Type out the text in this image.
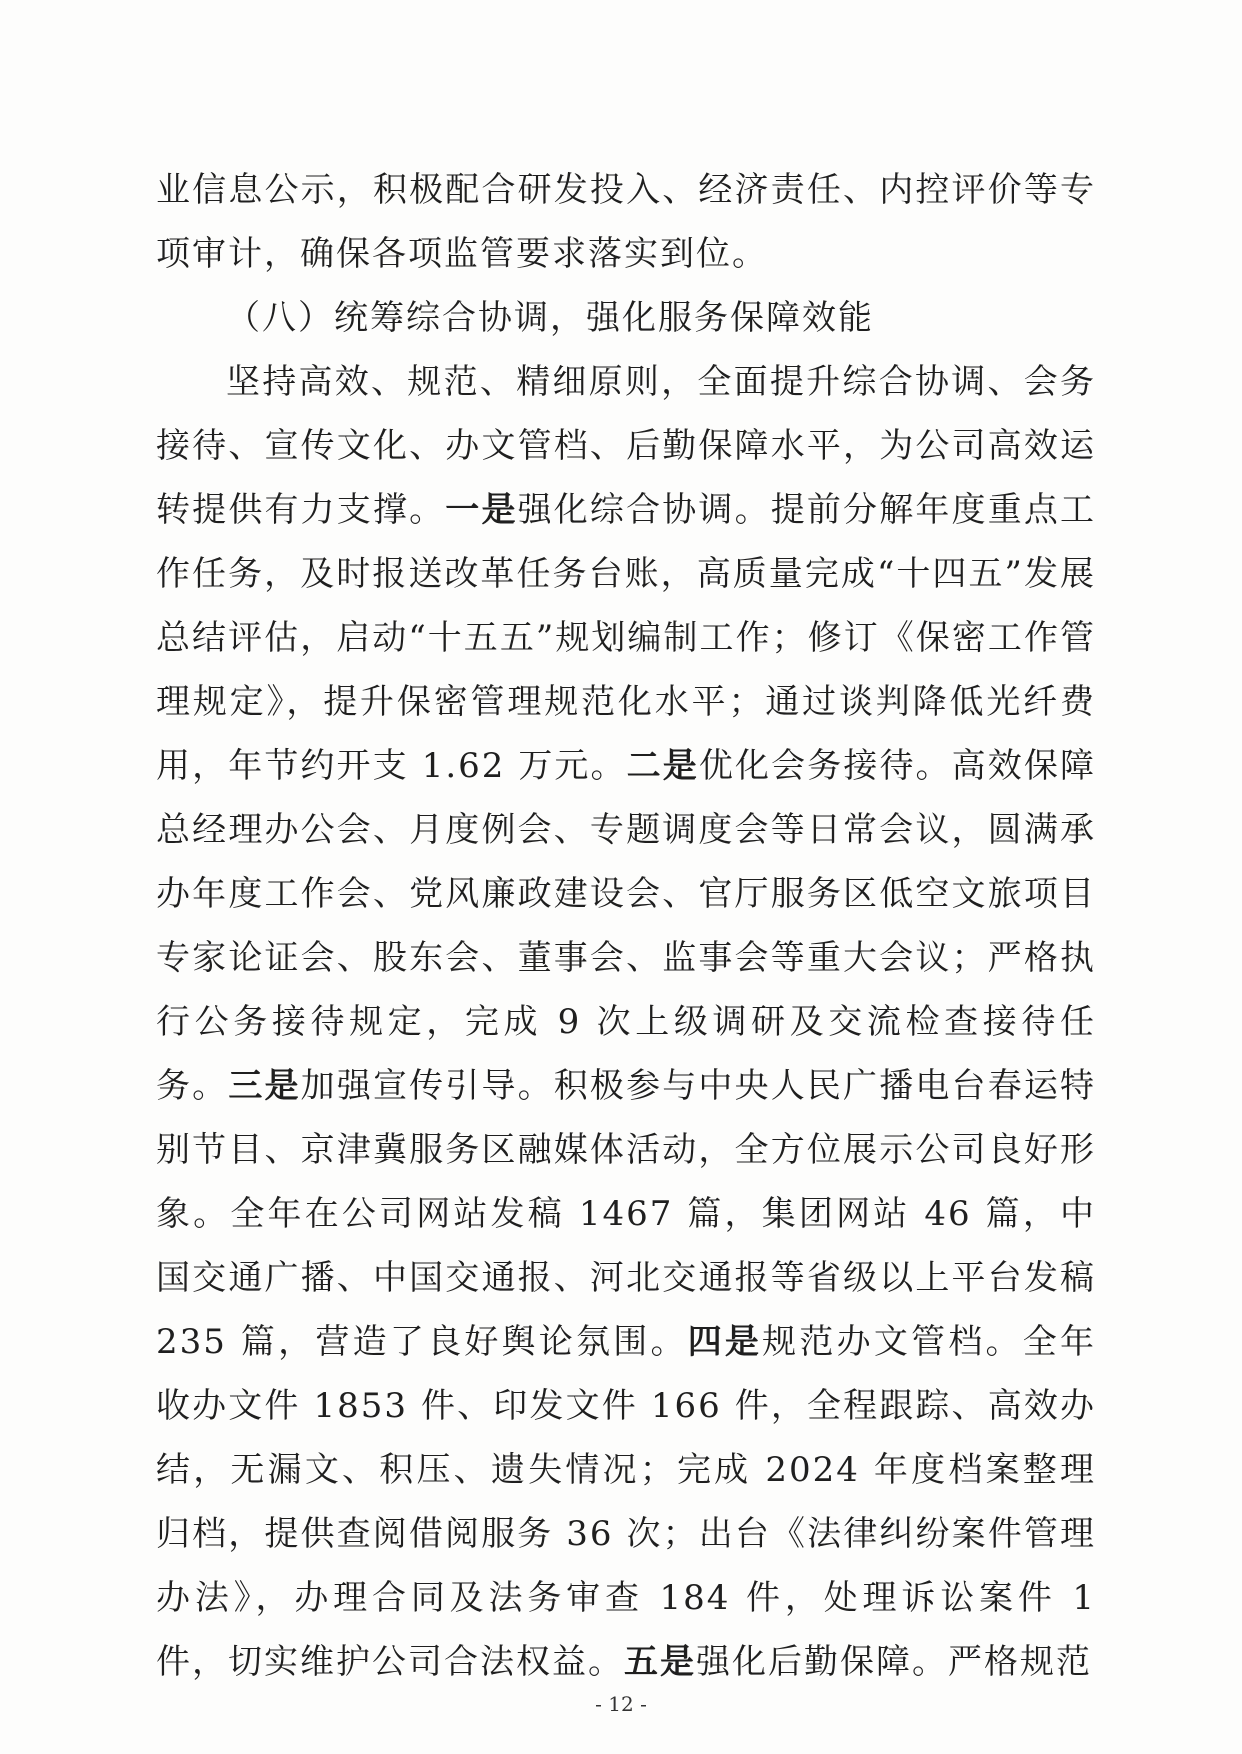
业信息公示，积极配合研发投入、经济责任、内控评价等专项审计，确保各项监管要求落实到位。

（八）统筹综合协调，强化服务保障效能

坚持高效、规范、精细原则，全面提升综合协调、会务接待、宣传文化、办文管档、后勤保障水平，为公司高效运转提供有力支撑。一是强化综合协调。提前分解年度重点工作任务，及时报送改革任务台账，高质量完成“十四五”发展总结评估，启动“十五五”规划编制工作；修订《保密工作管理规定》，提升保密管理规范化水平；通过谈判降低光纤费用，年节约开支 1.62 万元。二是优化会务接待。高效保障总经理办公会、月度例会、专题调度会等日常会议，圆满承办年度工作会、党风廉政建设会、官厅服务区低空文旅项目专家论证会、股东会、董事会、监事会等重大会议；严格执行公务接待规定，完成 9 次上级调研及交流检查接待任务。三是加强宣传引导。积极参与中央人民广播电台春运特别节目、京津冀服务区融媒体活动，全方位展示公司良好形象。全年在公司网站发稿 1467 篇，集团网站 46 篇，中国交通广播、中国交通报、河北交通报等省级以上平台发稿 235 篇，营造了良好舆论氛围。四是规范办文管档。全年收办文件 1853 件、印发文件 166 件，全程跟踪、高效办结，无漏文、积压、遗失情况；完成 2024 年度档案整理归档，提供查阅借阅服务 36 次；出台《法律纠纷案件管理办法》，办理合同及法务审查 184 件，处理诉讼案件 1 件，切实维护公司合法权益。五是强化后勤保障。严格规范

- 12 -
